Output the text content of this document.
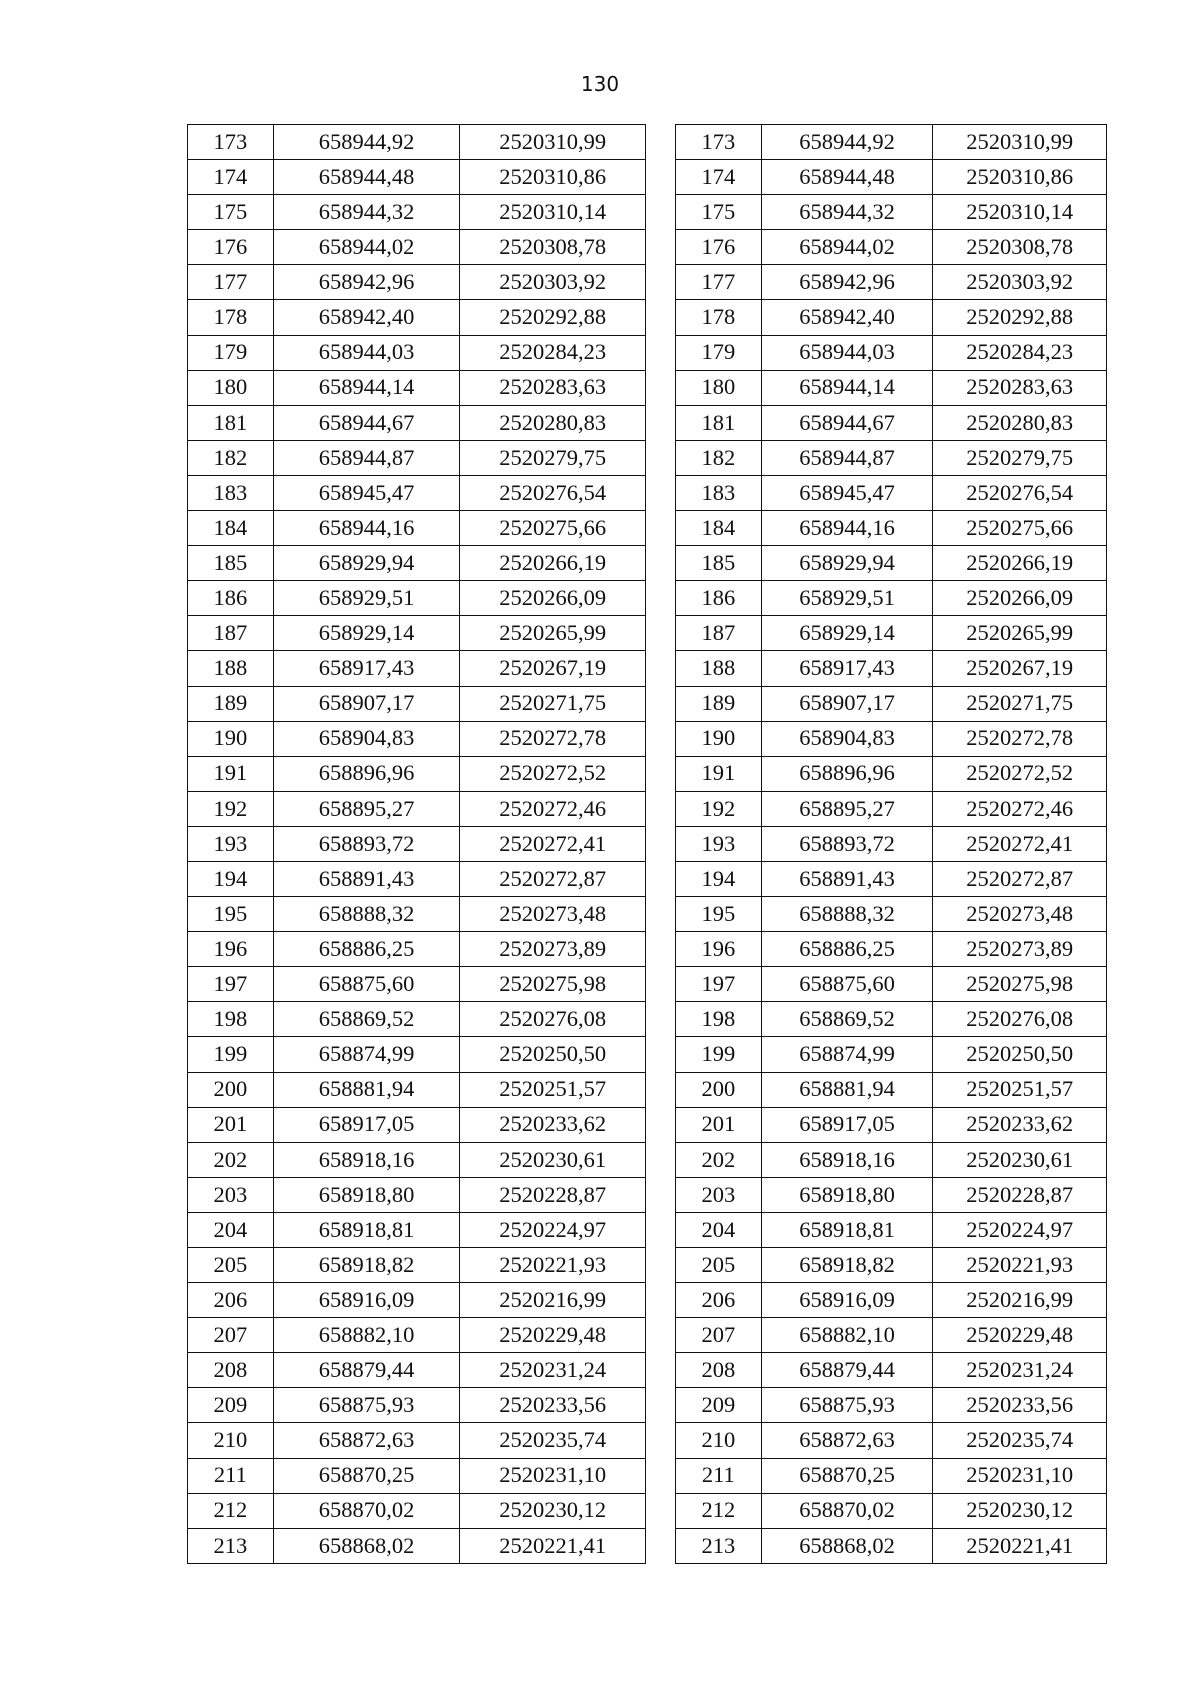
130
173	658944,92	2520310,99
174	658944,48	2520310,86
175	658944,32	2520310,14
176	658944,02	2520308,78
177	658942,96	2520303,92
178	658942,40	2520292,88
179	658944,03	2520284,23
180	658944,14	2520283,63
181	658944,67	2520280,83
182	658944,87	2520279,75
183	658945,47	2520276,54
184	658944,16	2520275,66
185	658929,94	2520266,19
186	658929,51	2520266,09
187	658929,14	2520265,99
188	658917,43	2520267,19
189	658907,17	2520271,75
190	658904,83	2520272,78
191	658896,96	2520272,52
192	658895,27	2520272,46
193	658893,72	2520272,41
194	658891,43	2520272,87
195	658888,32	2520273,48
196	658886,25	2520273,89
197	658875,60	2520275,98
198	658869,52	2520276,08
199	658874,99	2520250,50
200	658881,94	2520251,57
201	658917,05	2520233,62
202	658918,16	2520230,61
203	658918,80	2520228,87
204	658918,81	2520224,97
205	658918,82	2520221,93
206	658916,09	2520216,99
207	658882,10	2520229,48
208	658879,44	2520231,24
209	658875,93	2520233,56
210	658872,63	2520235,74
211	658870,25	2520231,10
212	658870,02	2520230,12
213	658868,02	2520221,41
173	658944,92	2520310,99
174	658944,48	2520310,86
175	658944,32	2520310,14
176	658944,02	2520308,78
177	658942,96	2520303,92
178	658942,40	2520292,88
179	658944,03	2520284,23
180	658944,14	2520283,63
181	658944,67	2520280,83
182	658944,87	2520279,75
183	658945,47	2520276,54
184	658944,16	2520275,66
185	658929,94	2520266,19
186	658929,51	2520266,09
187	658929,14	2520265,99
188	658917,43	2520267,19
189	658907,17	2520271,75
190	658904,83	2520272,78
191	658896,96	2520272,52
192	658895,27	2520272,46
193	658893,72	2520272,41
194	658891,43	2520272,87
195	658888,32	2520273,48
196	658886,25	2520273,89
197	658875,60	2520275,98
198	658869,52	2520276,08
199	658874,99	2520250,50
200	658881,94	2520251,57
201	658917,05	2520233,62
202	658918,16	2520230,61
203	658918,80	2520228,87
204	658918,81	2520224,97
205	658918,82	2520221,93
206	658916,09	2520216,99
207	658882,10	2520229,48
208	658879,44	2520231,24
209	658875,93	2520233,56
210	658872,63	2520235,74
211	658870,25	2520231,10
212	658870,02	2520230,12
213	658868,02	2520221,41
